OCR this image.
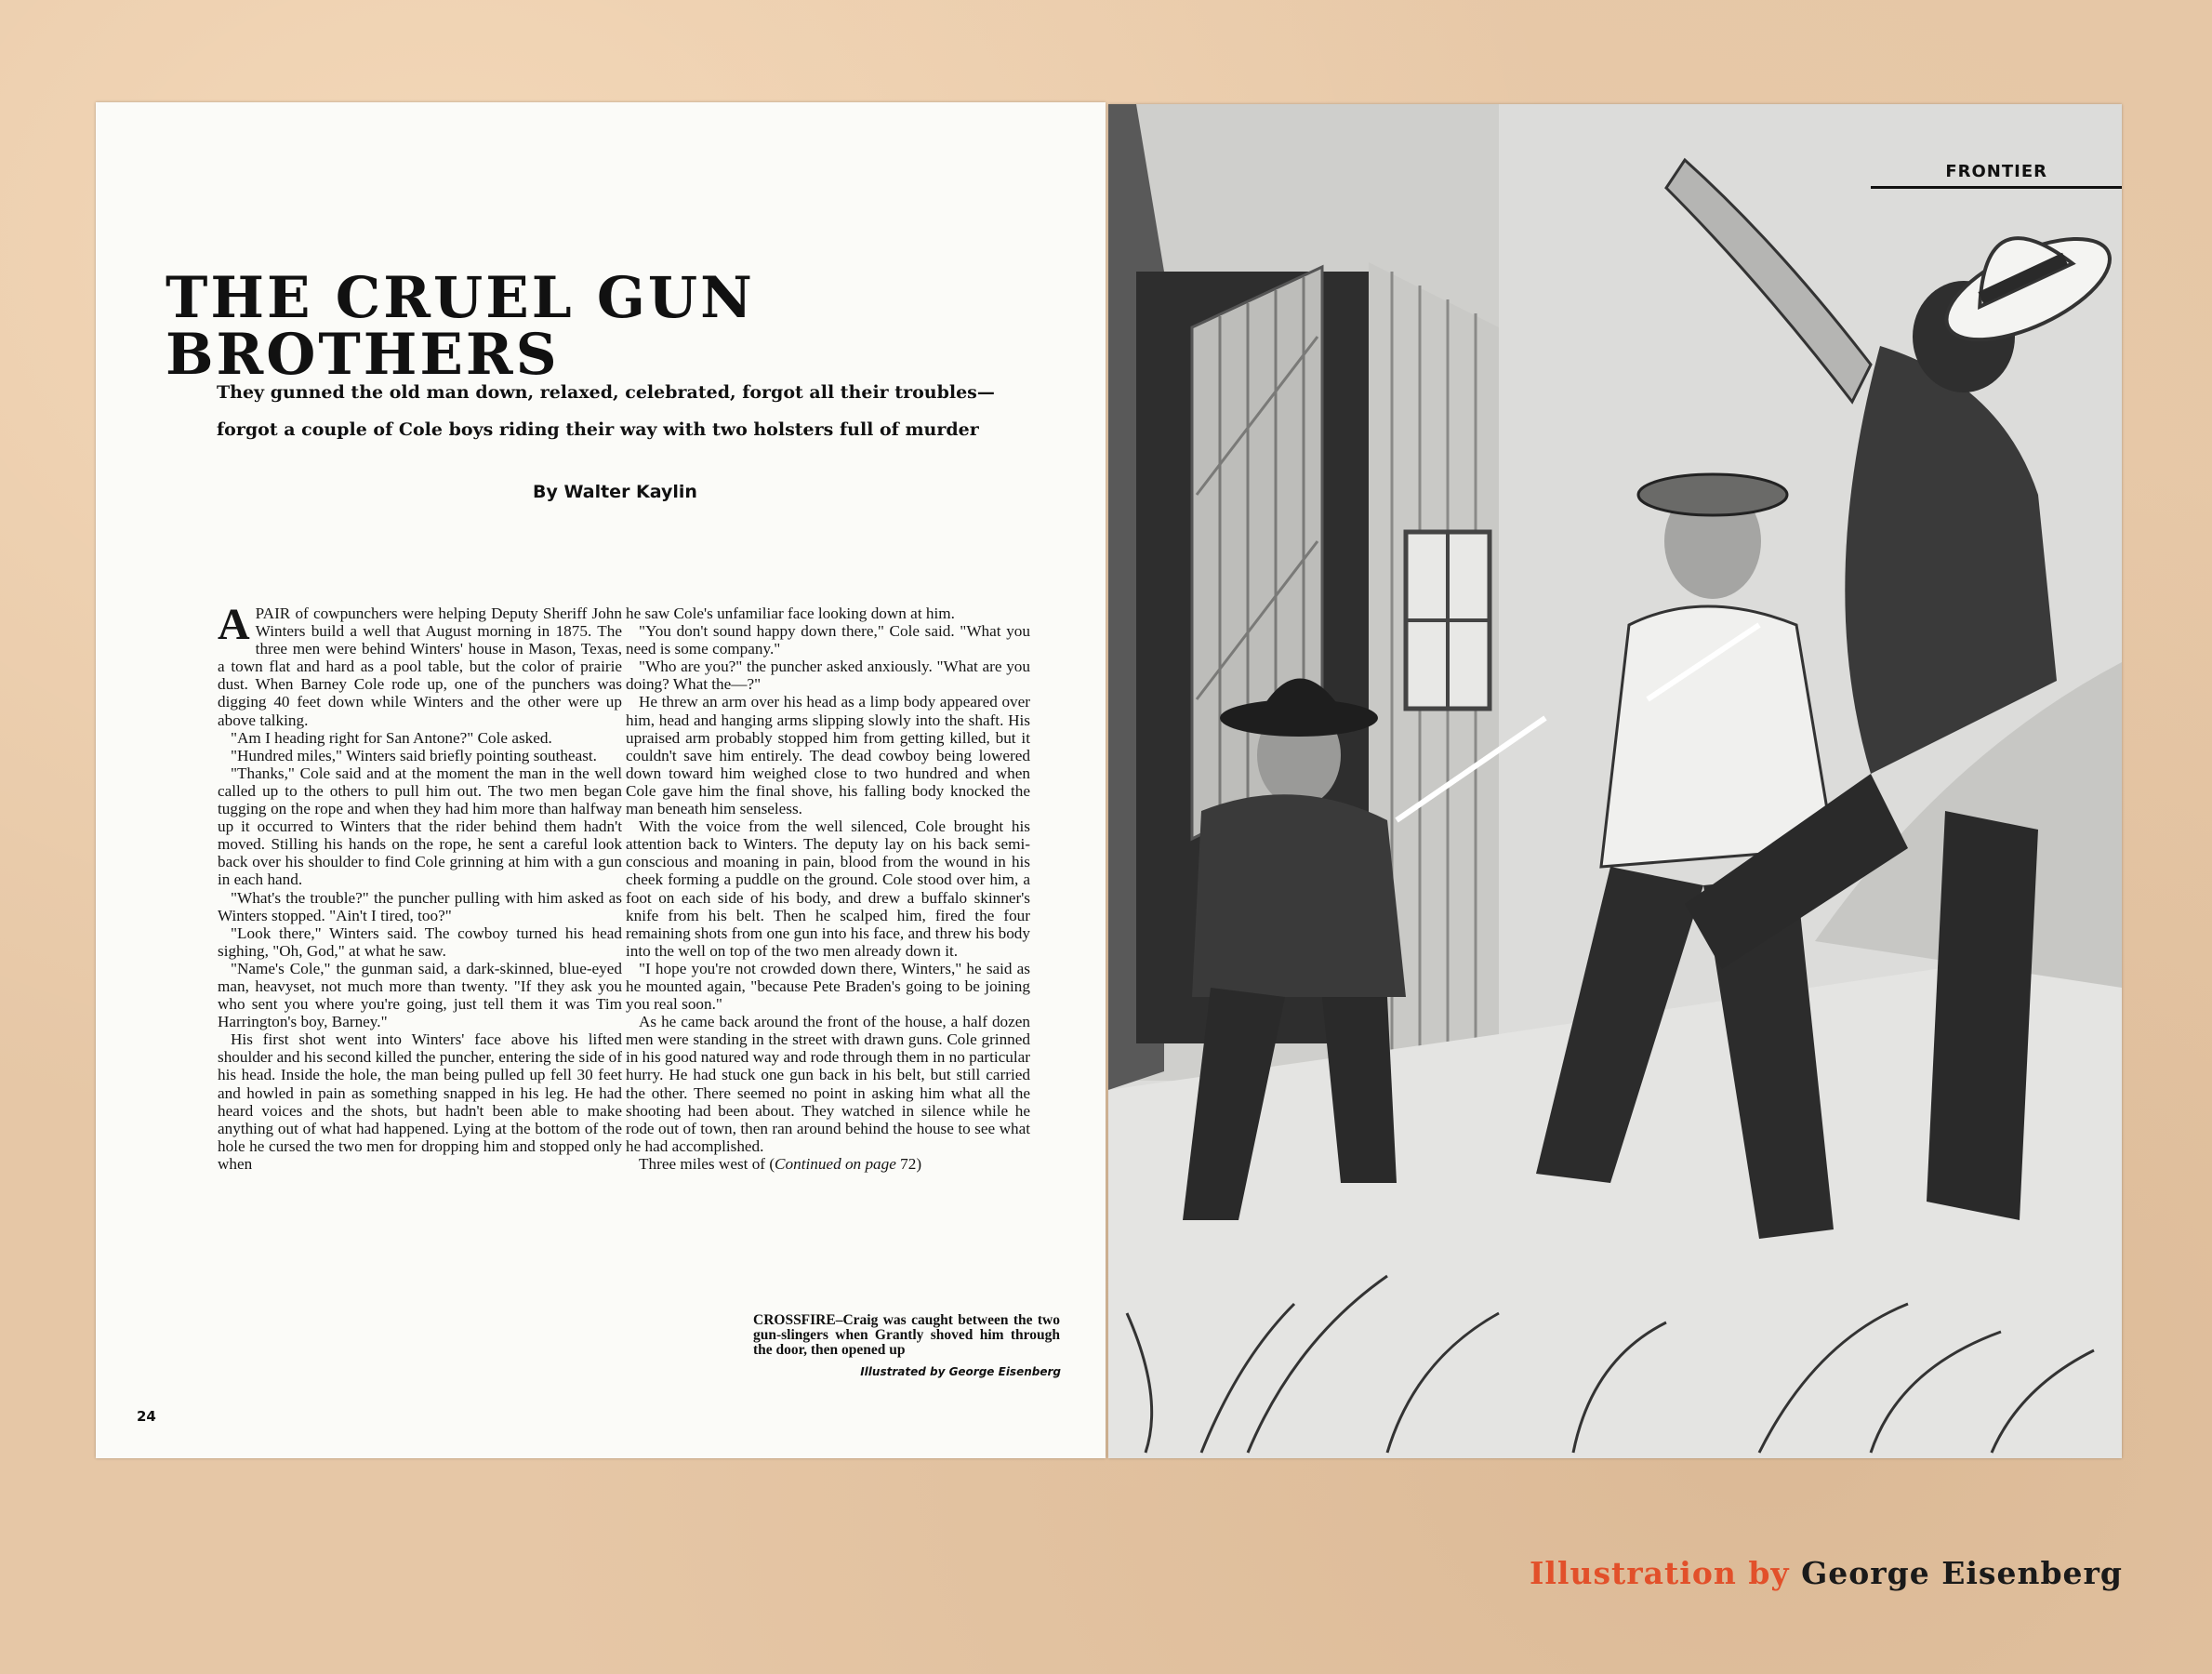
THE CRUEL GUN BROTHERS
They gunned the old man down, relaxed, celebrated, forgot all their troubles—
forgot a couple of Cole boys riding their way with two holsters full of murder
By Walter Kaylin

APAIR of cowpunchers were helping Deputy Sheriff John Winters build a well that August morning in 1875. The three men were behind Winters' house in Mason, Texas, a town flat and hard as a pool table, but the color of prairie dust. When Barney Cole rode up, one of the punchers was digging 40 feet down while Winters and the other were up above talking.

"Am I heading right for San Antone?" Cole asked.

"Hundred miles," Winters said briefly pointing southeast.

"Thanks," Cole said and at the moment the man in the well called up to the others to pull him out. The two men began tugging on the rope and when they had him more than halfway up it occurred to Winters that the rider behind them hadn't moved. Stilling his hands on the rope, he sent a careful look back over his shoulder to find Cole grinning at him with a gun in each hand.

"What's the trouble?" the puncher pulling with him asked as Winters stopped. "Ain't I tired, too?"

"Look there," Winters said. The cowboy turned his head sighing, "Oh, God," at what he saw.

"Name's Cole," the gunman said, a dark-skinned, blue-eyed man, heavyset, not much more than twenty. "If they ask you who sent you where you're going, just tell them it was Tim Harrington's boy, Barney."

His first shot went into Winters' face above his lifted shoulder and his second killed the puncher, entering the side of his head. Inside the hole, the man being pulled up fell 30 feet and howled in pain as something snapped in his leg. He had heard voices and the shots, but hadn't been able to make anything out of what had happened. Lying at the bottom of the hole he cursed the two men for dropping him and stopped only when

he saw Cole's unfamiliar face looking down at him.

"You don't sound happy down there," Cole said. "What you need is some company."

"Who are you?" the puncher asked anxiously. "What are you doing? What the—?"

He threw an arm over his head as a limp body appeared over him, head and hanging arms slipping slowly into the shaft. His upraised arm probably stopped him from getting killed, but it couldn't save him entirely. The dead cowboy being lowered down toward him weighed close to two hundred and when Cole gave him the final shove, his falling body knocked the man beneath him senseless.

With the voice from the well silenced, Cole brought his attention back to Winters. The deputy lay on his back semi-conscious and moaning in pain, blood from the wound in his cheek forming a puddle on the ground. Cole stood over him, a foot on each side of his body, and drew a buffalo skinner's knife from his belt. Then he scalped him, fired the four remaining shots from one gun into his face, and threw his body into the well on top of the two men already down it.

"I hope you're not crowded down there, Winters," he said as he mounted again, "because Pete Braden's going to be joining you real soon."

As he came back around the front of the house, a half dozen men were standing in the street with drawn guns. Cole grinned in his good natured way and rode through them in no particular hurry. He had stuck one gun back in his belt, but still carried the other. There seemed no point in asking him what all the shooting had been about. They watched in silence while he rode out of town, then ran around behind the house to see what he had accomplished.

Three miles west of (Continued on page 72)

CROSSFIRE–Craig was caught between the two gun-slingers when Grantly shoved him through the door, then opened up
Illustrated by George Eisenberg
24
FRONTIER
Illustration by George Eisenberg
